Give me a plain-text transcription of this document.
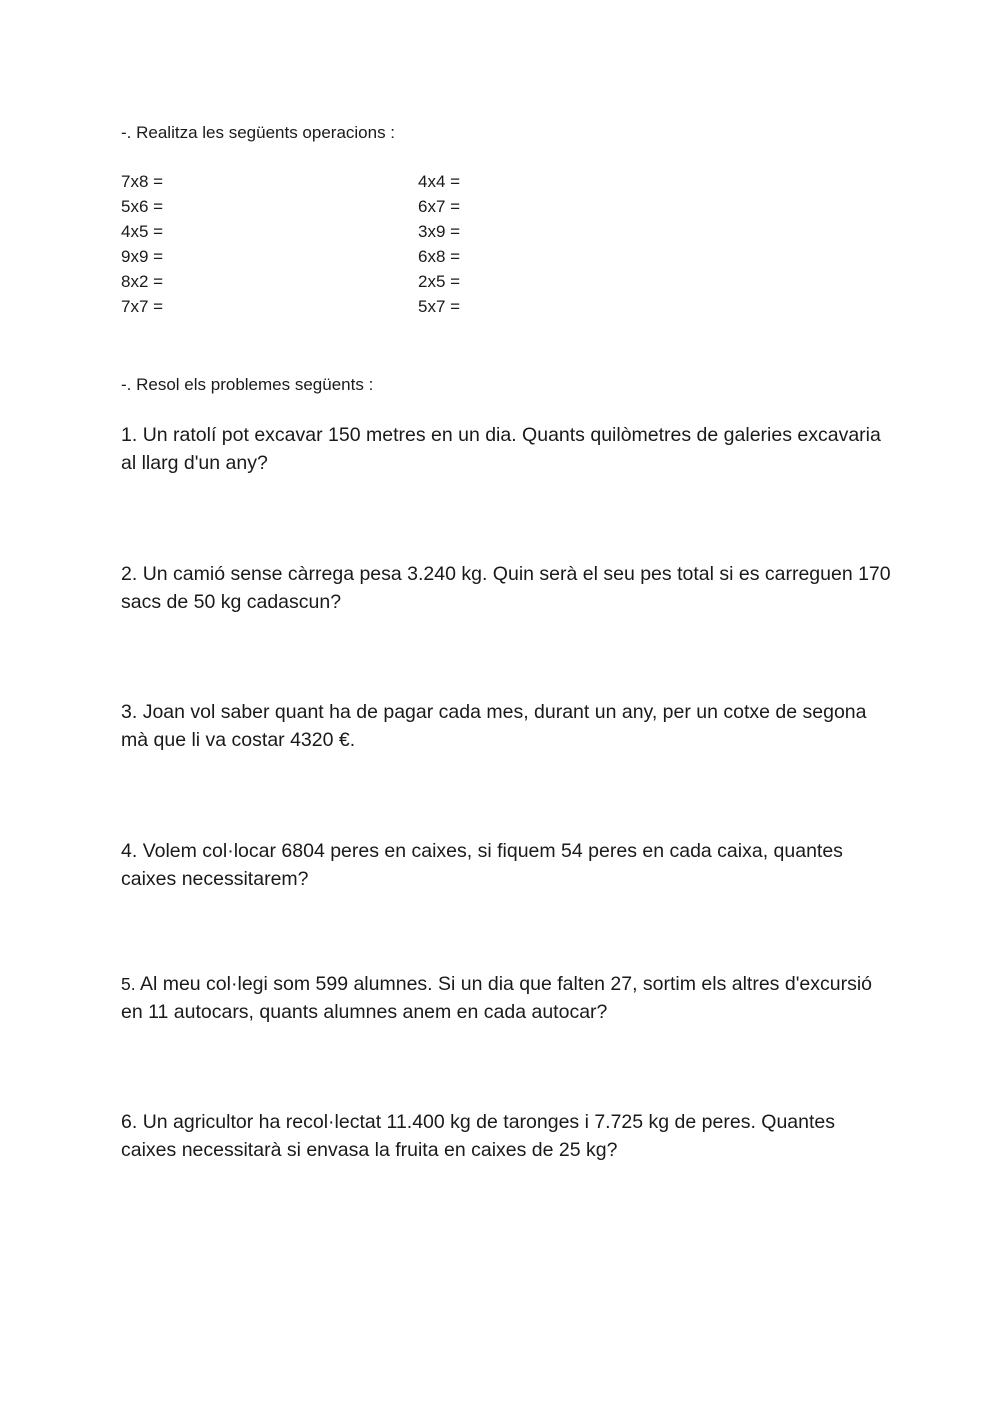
-. Realitza les següents operacions :
7x8 =	4x4 =
5x6 =	6x7 =
4x5 =	3x9 =
9x9 =	6x8 =
8x2 =	2x5 =
7x7 =	5x7 =
-. Resol els problemes següents :
1. Un ratolí pot excavar 150 metres en un dia. Quants quilòmetres de galeries excavaria al llarg d'un any?
2. Un camió sense càrrega pesa 3.240 kg. Quin serà el seu pes total si es carreguen 170 sacs de 50 kg cadascun?
3. Joan vol saber quant ha de pagar cada mes, durant un any, per un cotxe de segona mà que li va costar 4320 €.
4. Volem col·locar 6804 peres en caixes, si fiquem 54 peres en cada caixa, quantes caixes necessitarem?
5. Al meu col·legi som 599 alumnes. Si un dia que falten 27, sortim els altres d'excursió en 11 autocars, quants alumnes anem en cada autocar?
6. Un agricultor ha recol·lectat 11.400 kg de taronges i 7.725 kg de peres. Quantes caixes necessitarà si envasa la fruita en caixes de 25 kg?
